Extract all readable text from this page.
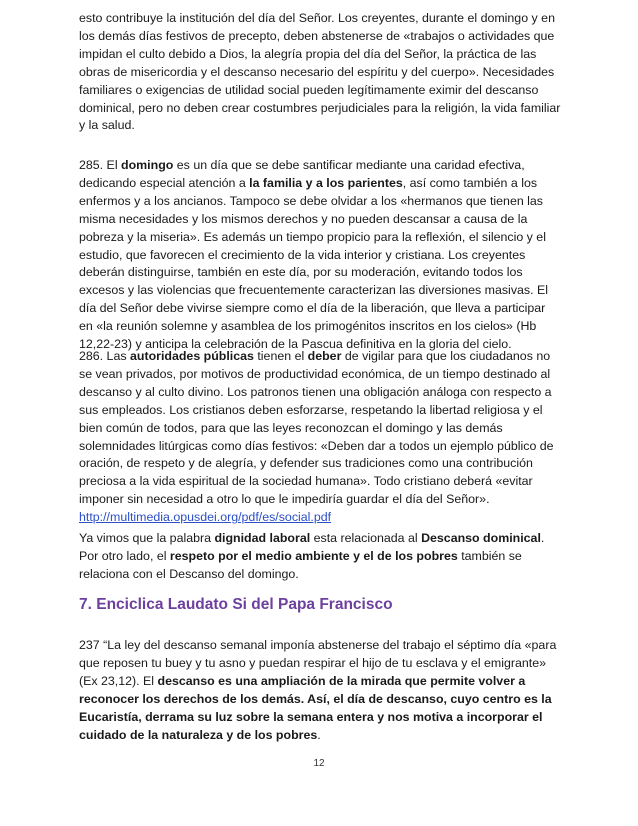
esto contribuye la institución del día del Señor. Los creyentes, durante el domingo y en los demás días festivos de precepto, deben abstenerse de «trabajos o actividades que impidan el culto debido a Dios, la alegría propia del día del Señor, la práctica de las obras de misericordia y el descanso necesario del espíritu y del cuerpo». Necesidades familiares o exigencias de utilidad social pueden legítimamente eximir del descanso dominical, pero no deben crear costumbres perjudiciales para la religión, la vida familiar y la salud.

285. El domingo es un día que se debe santificar mediante una caridad efectiva, dedicando especial atención a la familia y a los parientes, así como también a los enfermos y a los ancianos. Tampoco se debe olvidar a los «hermanos que tienen las misma necesidades y los mismos derechos y no pueden descansar a causa de la pobreza y la miseria». Es además un tiempo propicio para la reflexión, el silencio y el estudio, que favorecen el crecimiento de la vida interior y cristiana. Los creyentes deberán distinguirse, también en este día, por su moderación, evitando todos los excesos y las violencias que frecuentemente caracterizan las diversiones masivas. El día del Señor debe vivirse siempre como el día de la liberación, que lleva a participar en «la reunión solemne y asamblea de los primogénitos inscritos en los cielos» (Hb 12,22-23) y anticipa la celebración de la Pascua definitiva en la gloria del cielo.

286. Las autoridades públicas tienen el deber de vigilar para que los ciudadanos no se vean privados, por motivos de productividad económica, de un tiempo destinado al descanso y al culto divino. Los patronos tienen una obligación análoga con respecto a sus empleados. Los cristianos deben esforzarse, respetando la libertad religiosa y el bien común de todos, para que las leyes reconozcan el domingo y las demás solemnidades litúrgicas como días festivos: «Deben dar a todos un ejemplo público de oración, de respeto y de alegría, y defender sus tradiciones como una contribución preciosa a la vida espiritual de la sociedad humana». Todo cristiano deberá «evitar imponer sin necesidad a otro lo que le impediría guardar el día del Señor». http://multimedia.opusdei.org/pdf/es/social.pdf

Ya vimos que la palabra dignidad laboral esta relacionada al Descanso dominical. Por otro lado, el respeto por el medio ambiente y el de los pobres también se relaciona con el Descanso del domingo.

7. Enciclica Laudato Si del Papa Francisco

237 “La ley del descanso semanal imponía abstenerse del trabajo el séptimo día «para que reposen tu buey y tu asno y puedan respirar el hijo de tu esclava y el emigrante» (Ex 23,12). El descanso es una ampliación de la mirada que permite volver a reconocer los derechos de los demás. Así, el día de descanso, cuyo centro es la Eucaristía, derrama su luz sobre la semana entera y nos motiva a incorporar el cuidado de la naturaleza y de los pobres.

12
